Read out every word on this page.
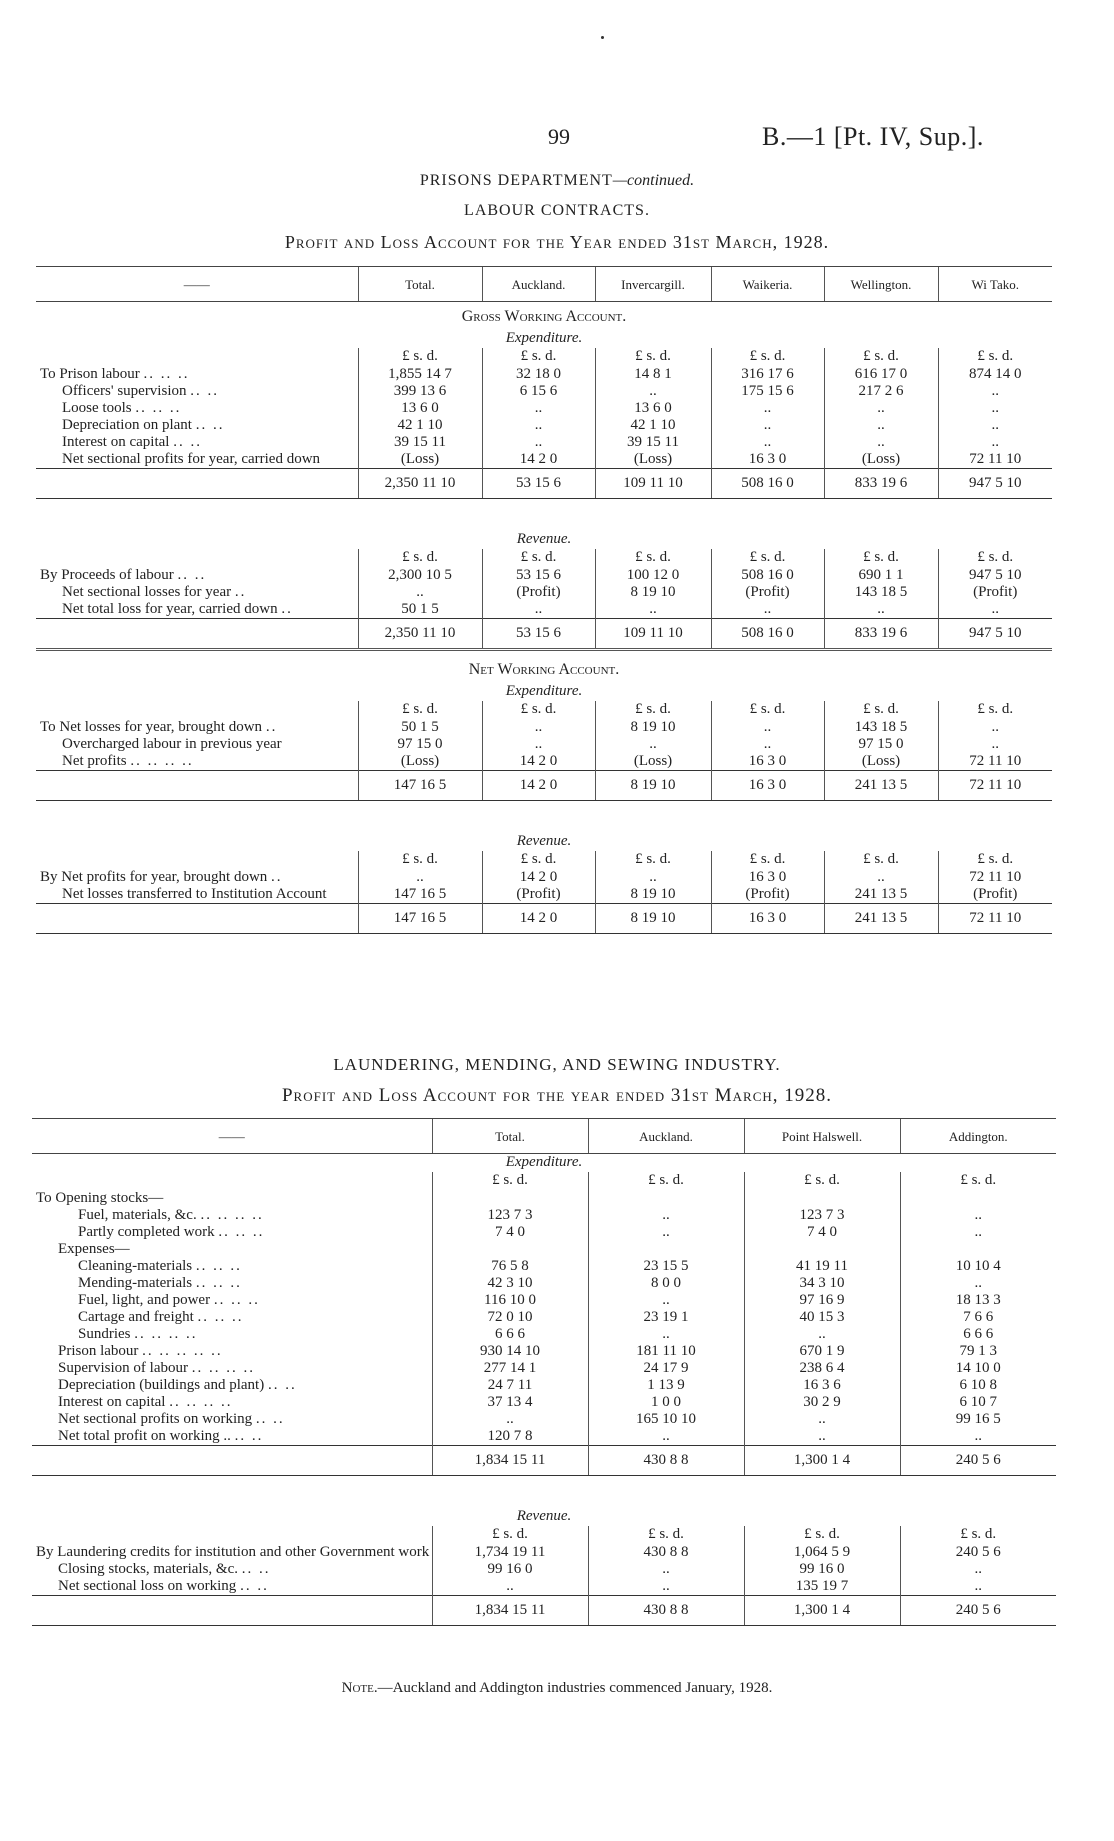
99	B.—1 [Pt. IV, Sup.].
PRISONS DEPARTMENT—continued.
LABOUR CONTRACTS.
Profit and Loss Account for the Year ended 31st March, 1928.
——	Total.	Auckland.	Invercargill.	Waikeria.	Wellington.	Wi Tako.
Gross Working Account.						
Expenditure.						
	£ s. d.	£ s. d.	£ s. d.	£ s. d.	£ s. d.	£ s. d.
To Prison labour .. .. ..	1,855 14 7	32 18 0	14 8 1	316 17 6	616 17 0	874 14 0
Officers' supervision .. ..	399 13 6	6 15 6	..	175 15 6	217 2 6	..
Loose tools .. .. ..	13 6 0	..	13 6 0	..	..	..
Depreciation on plant .. ..	42 1 10	..	42 1 10	..	..	..
Interest on capital .. ..	39 15 11	..	39 15 11	..	..	..
Net sectional profits for year, carried down	(Loss)	14 2 0	(Loss)	16 3 0	(Loss)	72 11 10
	2,350 11 10	53 15 6	109 11 10	508 16 0	833 19 6	947 5 10

Revenue.						
	£ s. d.	£ s. d.	£ s. d.	£ s. d.	£ s. d.	£ s. d.
By Proceeds of labour .. ..	2,300 10 5	53 15 6	100 12 0	508 16 0	690 1 1	947 5 10
Net sectional losses for year ..	..	(Profit)	8 19 10	(Profit)	143 18 5	(Profit)
Net total loss for year, carried down ..	50 1 5	..	..	..	..	..
	2,350 11 10	53 15 6	109 11 10	508 16 0	833 19 6	947 5 10

Net Working Account.						
Expenditure.						
	£ s. d.	£ s. d.	£ s. d.	£ s. d.	£ s. d.	£ s. d.
To Net losses for year, brought down ..	50 1 5	..	8 19 10	..	143 18 5	..
Overcharged labour in previous year	97 15 0	..	..	..	97 15 0	..
Net profits .. .. .. ..	(Loss)	14 2 0	(Loss)	16 3 0	(Loss)	72 11 10
	147 16 5	14 2 0	8 19 10	16 3 0	241 13 5	72 11 10

Revenue.						
	£ s. d.	£ s. d.	£ s. d.	£ s. d.	£ s. d.	£ s. d.
By Net profits for year, brought down ..	..	14 2 0	..	16 3 0	..	72 11 10
Net losses transferred to Institution Account	147 16 5	(Profit)	8 19 10	(Profit)	241 13 5	(Profit)
	147 16 5	14 2 0	8 19 10	16 3 0	241 13 5	72 11 10
LAUNDERING, MENDING, AND SEWING INDUSTRY.
Profit and Loss Account for the year ended 31st March, 1928.
——	Total.	Auckland.	Point Halswell.	Addington.
Expenditure.				
	£ s. d.	£ s. d.	£ s. d.	£ s. d.
To Opening stocks—				
Fuel, materials, &c. .. .. .. ..	123 7 3	..	123 7 3	..
Partly completed work .. .. ..	7 4 0	..	7 4 0	..
Expenses—				
Cleaning-materials .. .. ..	76 5 8	23 15 5	41 19 11	10 10 4
Mending-materials .. .. ..	42 3 10	8 0 0	34 3 10	..
Fuel, light, and power .. .. ..	116 10 0	..	97 16 9	18 13 3
Cartage and freight .. .. ..	72 0 10	23 19 1	40 15 3	7 6 6
Sundries .. .. .. ..	6 6 6	..	..	6 6 6
Prison labour .. .. .. .. ..	930 14 10	181 11 10	670 1 9	79 1 3
Supervision of labour .. .. .. ..	277 14 1	24 17 9	238 6 4	14 10 0
Depreciation (buildings and plant) .. ..	24 7 11	1 13 9	16 3 6	6 10 8
Interest on capital .. .. .. ..	37 13 4	1 0 0	30 2 9	6 10 7
Net sectional profits on working .. ..	..	165 10 10	..	99 16 5
Net total profit on working .. .. ..	120 7 8	..	..	..
	1,834 15 11	430 8 8	1,300 1 4	240 5 6

Revenue.				
	£ s. d.	£ s. d.	£ s. d.	£ s. d.
By Laundering credits for institution and other Government work	1,734 19 11	430 8 8	1,064 5 9	240 5 6
Closing stocks, materials, &c. .. ..	99 16 0	..	99 16 0	..
Net sectional loss on working .. ..	..	..	135 19 7	..
	1,834 15 11	430 8 8	1,300 1 4	240 5 6
Note.—Auckland and Addington industries commenced January, 1928.
